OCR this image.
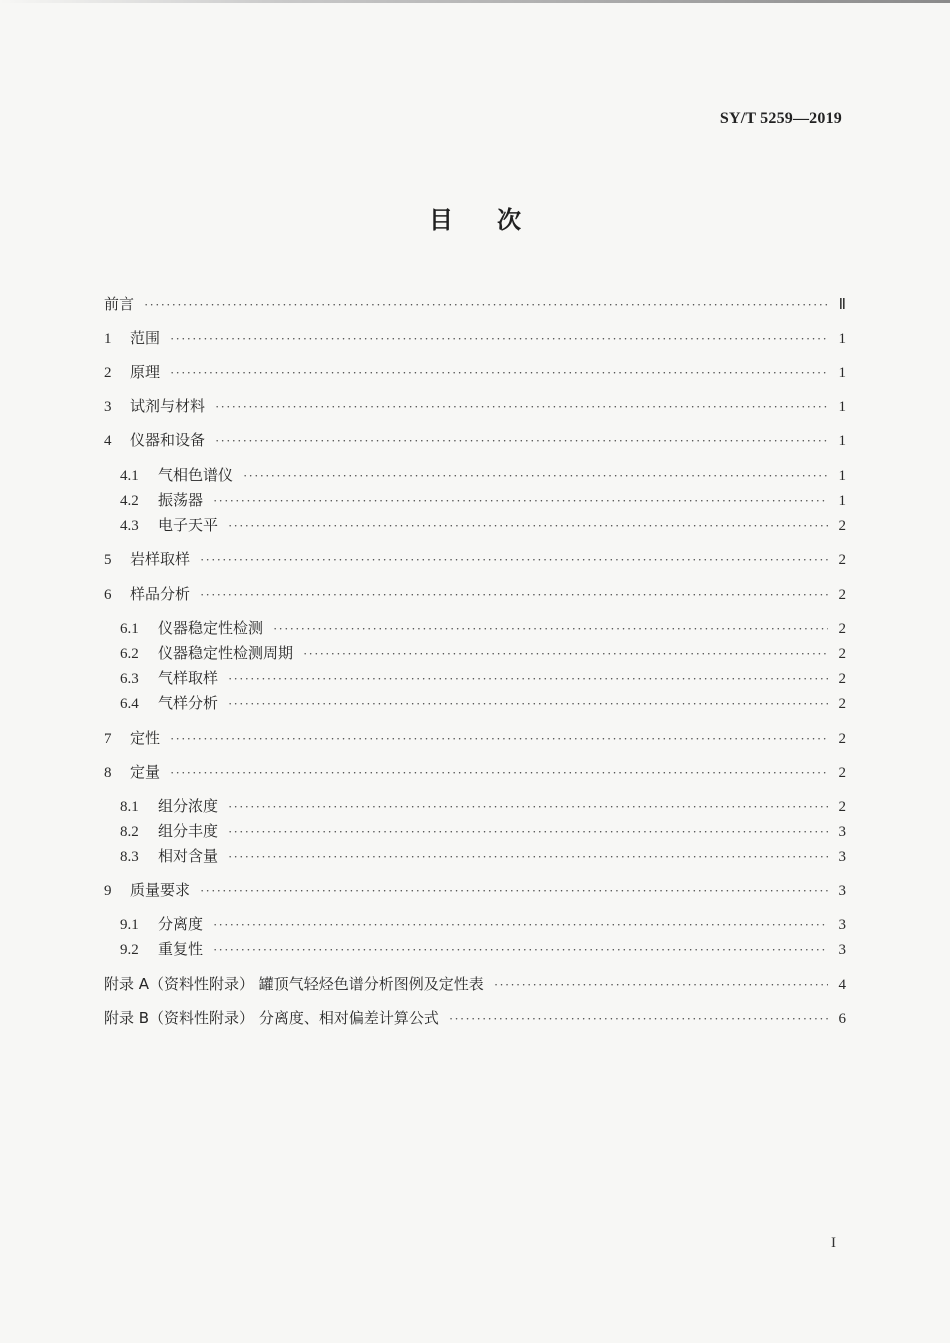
SY/T 5259—2019
目 次
前言 ·····	Ⅱ
1	范围 ·····	1
2	原理 ·····	1
3	试剂与材料 ·····	1
4	仪器和设备 ·····	1
4.1	气相色谱仪 ·····	1
4.2	振荡器 ·····	1
4.3	电子天平 ·····	2
5	岩样取样 ·····	2
6	样品分析 ·····	2
6.1	仪器稳定性检测 ·····	2
6.2	仪器稳定性检测周期 ·····	2
6.3	气样取样 ·····	2
6.4	气样分析 ·····	2
7	定性 ·····	2
8	定量 ·····	2
8.1	组分浓度 ·····	2
8.2	组分丰度 ·····	3
8.3	相对含量 ·····	3
9	质量要求 ·····	3
9.1	分离度 ·····	3
9.2	重复性 ·····	3
附录 A（资料性附录） 罐顶气轻烃色谱分析图例及定性表 ·····	4
附录 B（资料性附录） 分离度、相对偏差计算公式 ·····	6
I
